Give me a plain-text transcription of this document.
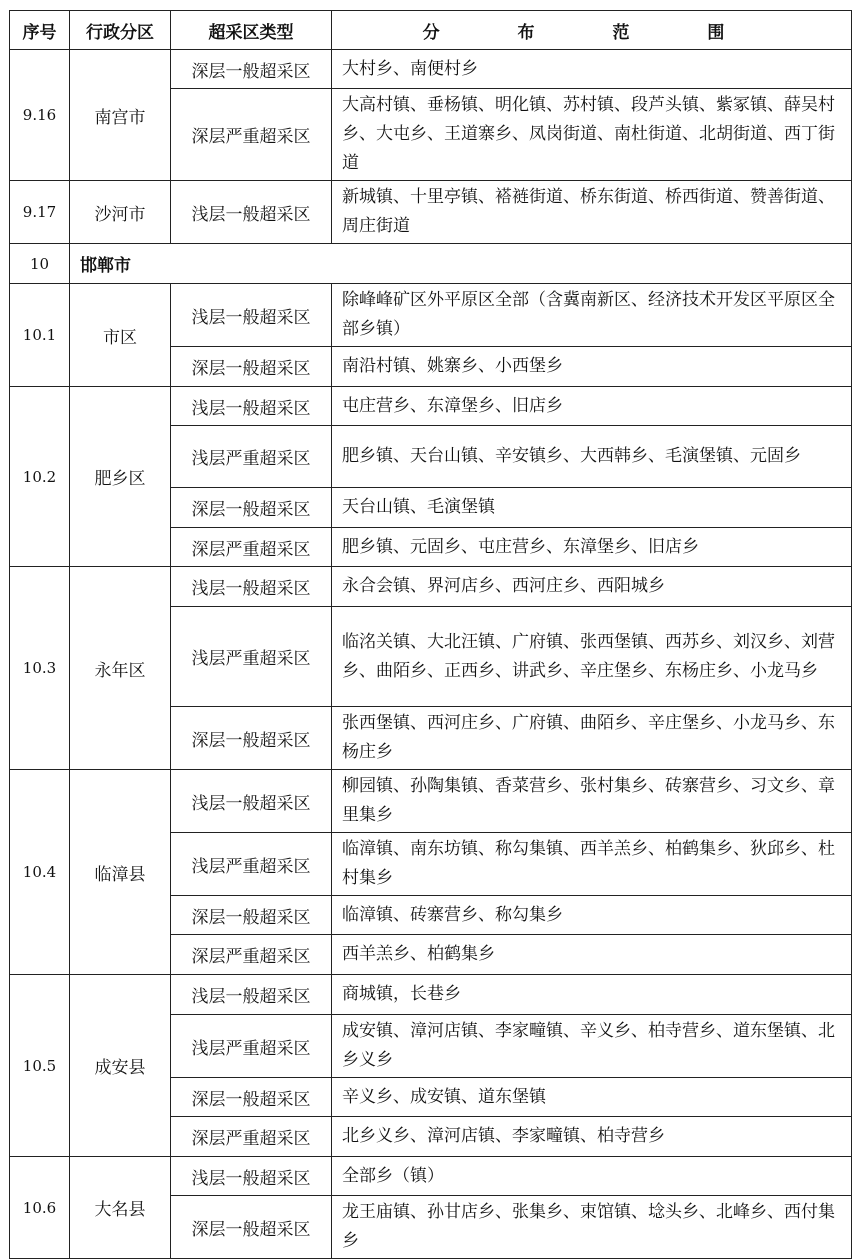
序号	行政分区	超采区类型	分 布 范 围
9.16	南宫市	深层一般超采区	大村乡、南便村乡
		深层严重超采区	大高村镇、垂杨镇、明化镇、苏村镇、段芦头镇、紫冢镇、薛吴村乡、大屯乡、王道寨乡、凤岗街道、南杜街道、北胡街道、西丁街道
9.17	沙河市	浅层一般超采区	新城镇、十里亭镇、褡裢街道、桥东街道、桥西街道、赞善街道、周庄街道
10	邯郸市		
10.1	市区	浅层一般超采区	除峰峰矿区外平原区全部（含冀南新区、经济技术开发区平原区全部乡镇）
		深层一般超采区	南沿村镇、姚寨乡、小西堡乡
10.2	肥乡区	浅层一般超采区	屯庄营乡、东漳堡乡、旧店乡
		浅层严重超采区	肥乡镇、天台山镇、辛安镇乡、大西韩乡、毛演堡镇、元固乡
		深层一般超采区	天台山镇、毛演堡镇
		深层严重超采区	肥乡镇、元固乡、屯庄营乡、东漳堡乡、旧店乡
10.3	永年区	浅层一般超采区	永合会镇、界河店乡、西河庄乡、西阳城乡
		浅层严重超采区	临洺关镇、大北汪镇、广府镇、张西堡镇、西苏乡、刘汉乡、刘营乡、曲陌乡、正西乡、讲武乡、辛庄堡乡、东杨庄乡、小龙马乡
		深层一般超采区	张西堡镇、西河庄乡、广府镇、曲陌乡、辛庄堡乡、小龙马乡、东杨庄乡
10.4	临漳县	浅层一般超采区	柳园镇、孙陶集镇、香菜营乡、张村集乡、砖寨营乡、习文乡、章里集乡
		浅层严重超采区	临漳镇、南东坊镇、称勾集镇、西羊羔乡、柏鹤集乡、狄邱乡、杜村集乡
		深层一般超采区	临漳镇、砖寨营乡、称勾集乡
		深层严重超采区	西羊羔乡、柏鹤集乡
10.5	成安县	浅层一般超采区	商城镇，长巷乡
		浅层严重超采区	成安镇、漳河店镇、李家疃镇、辛义乡、柏寺营乡、道东堡镇、北乡义乡
		深层一般超采区	辛义乡、成安镇、道东堡镇
		深层严重超采区	北乡义乡、漳河店镇、李家疃镇、柏寺营乡
10.6	大名县	浅层一般超采区	全部乡（镇）
		深层一般超采区	龙王庙镇、孙甘店乡、张集乡、束馆镇、埝头乡、北峰乡、西付集乡
